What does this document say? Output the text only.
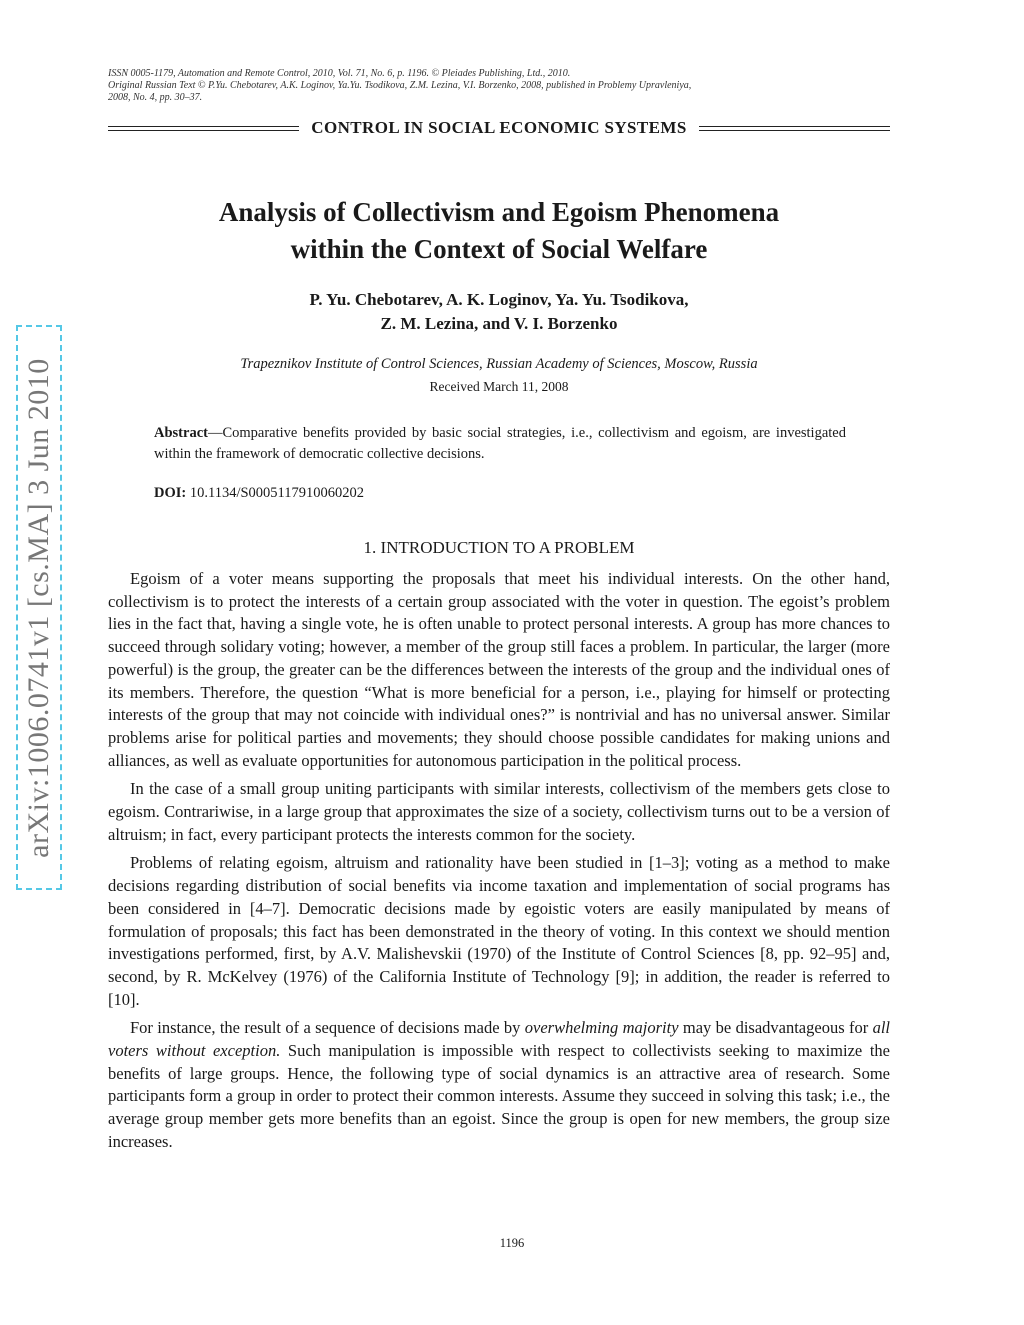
arXiv:1006.0741v1 [cs.MA] 3 Jun 2010
ISSN 0005-1179, Automation and Remote Control, 2010, Vol. 71, No. 6, p. 1196. © Pleiades Publishing, Ltd., 2010.
Original Russian Text © P.Yu. Chebotarev, A.K. Loginov, Ya.Yu. Tsodikova, Z.M. Lezina, V.I. Borzenko, 2008, published in Problemy Upravleniya,
2008, No. 4, pp. 30–37.
CONTROL IN SOCIAL ECONOMIC SYSTEMS
Analysis of Collectivism and Egoism Phenomena
within the Context of Social Welfare
P. Yu. Chebotarev, A. K. Loginov, Ya. Yu. Tsodikova,
Z. M. Lezina, and V. I. Borzenko
Trapeznikov Institute of Control Sciences, Russian Academy of Sciences, Moscow, Russia
Received March 11, 2008
Abstract—Comparative benefits provided by basic social strategies, i.e., collectivism and egoism, are investigated within the framework of democratic collective decisions.
DOI: 10.1134/S0005117910060202
1. INTRODUCTION TO A PROBLEM

Egoism of a voter means supporting the proposals that meet his individual interests. On the other hand, collectivism is to protect the interests of a certain group associated with the voter in question. The egoist’s problem lies in the fact that, having a single vote, he is often unable to protect personal interests. A group has more chances to succeed through solidary voting; however, a member of the group still faces a problem. In particular, the larger (more powerful) is the group, the greater can be the differences between the interests of the group and the individual ones of its members. Therefore, the question “What is more beneficial for a person, i.e., playing for himself or protecting interests of the group that may not coincide with individual ones?” is nontrivial and has no universal answer. Similar problems arise for political parties and movements; they should choose possible candidates for making unions and alliances, as well as evaluate opportunities for autonomous participation in the political process.

In the case of a small group uniting participants with similar interests, collectivism of the members gets close to egoism. Contrariwise, in a large group that approximates the size of a society, collectivism turns out to be a version of altruism; in fact, every participant protects the interests common for the society.

Problems of relating egoism, altruism and rationality have been studied in [1–3]; voting as a method to make decisions regarding distribution of social benefits via income taxation and implementation of social programs has been considered in [4–7]. Democratic decisions made by egoistic voters are easily manipulated by means of formulation of proposals; this fact has been demonstrated in the theory of voting. In this context we should mention investigations performed, first, by A.V. Malishevskii (1970) of the Institute of Control Sciences [8, pp. 92–95] and, second, by R. McKelvey (1976) of the California Institute of Technology [9]; in addition, the reader is referred to [10].

For instance, the result of a sequence of decisions made by overwhelming majority may be disadvantageous for all voters without exception. Such manipulation is impossible with respect to collectivists seeking to maximize the benefits of large groups. Hence, the following type of social dynamics is an attractive area of research. Some participants form a group in order to protect their common interests. Assume they succeed in solving this task; i.e., the average group member gets more benefits than an egoist. Since the group is open for new members, the group size increases.

1196
